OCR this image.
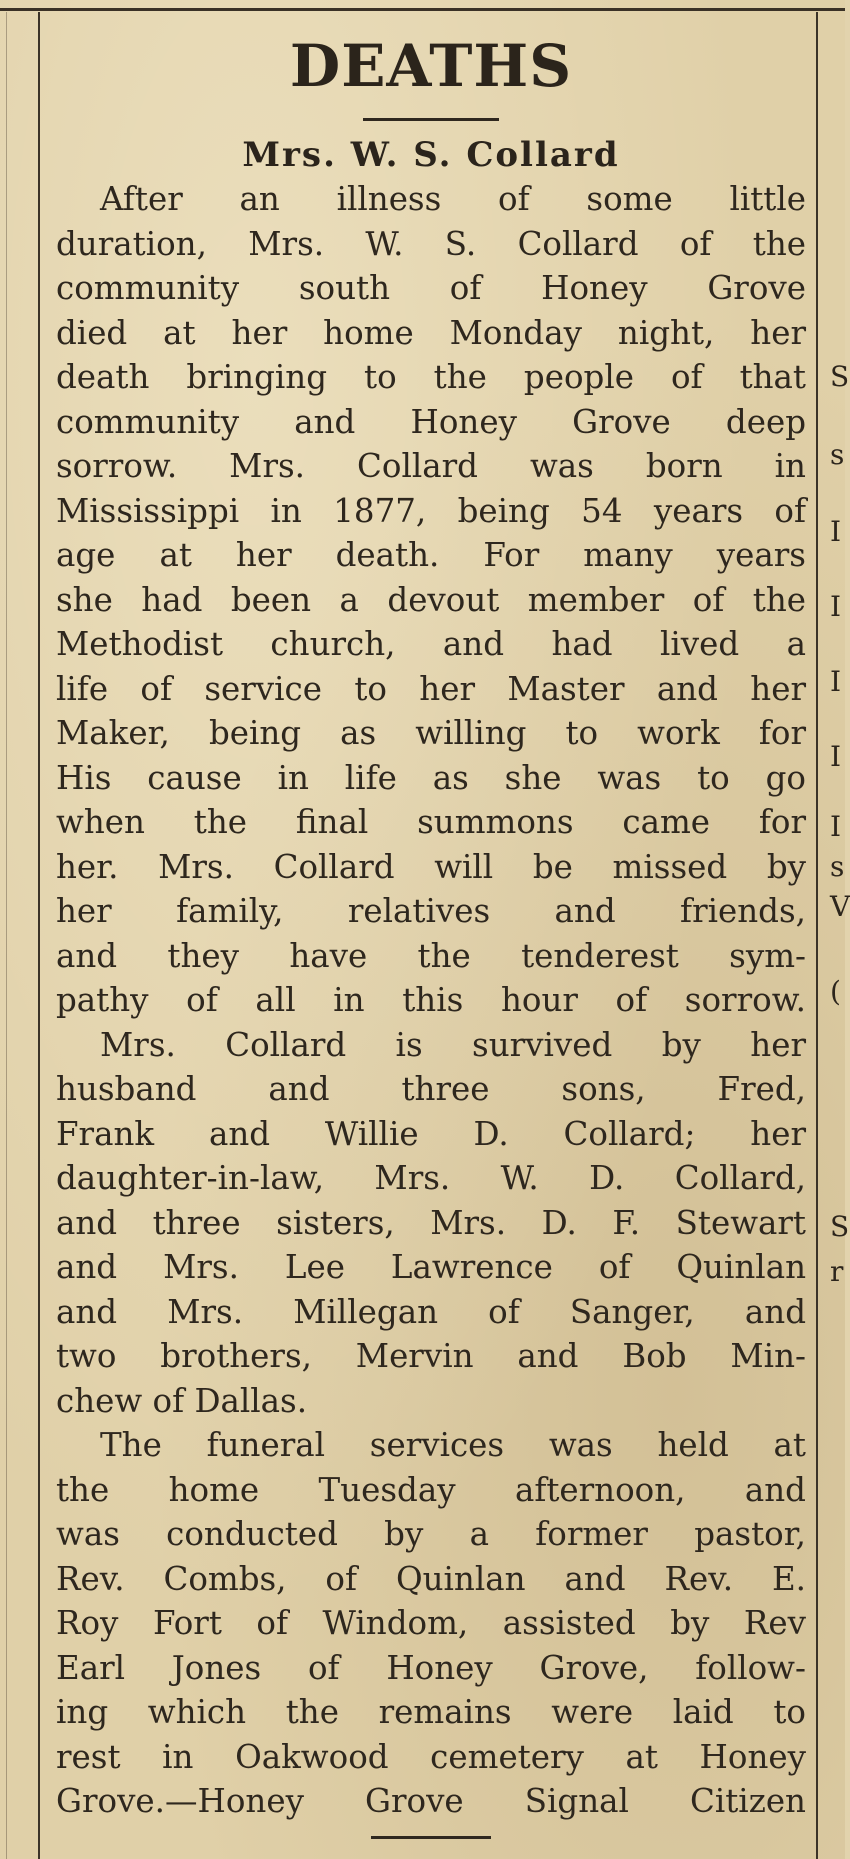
DEATHS
Mrs. W. S. Collard
After an illness of some little
duration, Mrs. W. S. Collard of the
community south of Honey Grove
died at her home Monday night, her
death bringing to the people of that
community and Honey Grove deep
sorrow. Mrs. Collard was born in
Mississippi in 1877, being 54 years of
age at her death. For many years
she had been a devout member of the
Methodist church, and had lived a
life of service to her Master and her
Maker, being as willing to work for
His cause in life as she was to go
when the final summons came for
her. Mrs. Collard will be missed by
her family, relatives and friends,
and they have the tenderest sym-
pathy of all in this hour of sorrow.
Mrs. Collard is survived by her
husband and three sons, Fred,
Frank and Willie D. Collard; her
daughter-in-law, Mrs. W. D. Collard,
and three sisters, Mrs. D. F. Stewart
and Mrs. Lee Lawrence of Quinlan
and Mrs. Millegan of Sanger, and
two brothers, Mervin and Bob Min-
chew of Dallas.
The funeral services was held at
the home Tuesday afternoon, and
was conducted by a former pastor,
Rev. Combs, of Quinlan and Rev. E.
Roy Fort of Windom, assisted by Rev
Earl Jones of Honey Grove, follow-
ing which the remains were laid to
rest in Oakwood cemetery at Honey
Grove.—Honey Grove Signal Citizen
S
s
I
I
I
I
I
s
V
(
S
r
